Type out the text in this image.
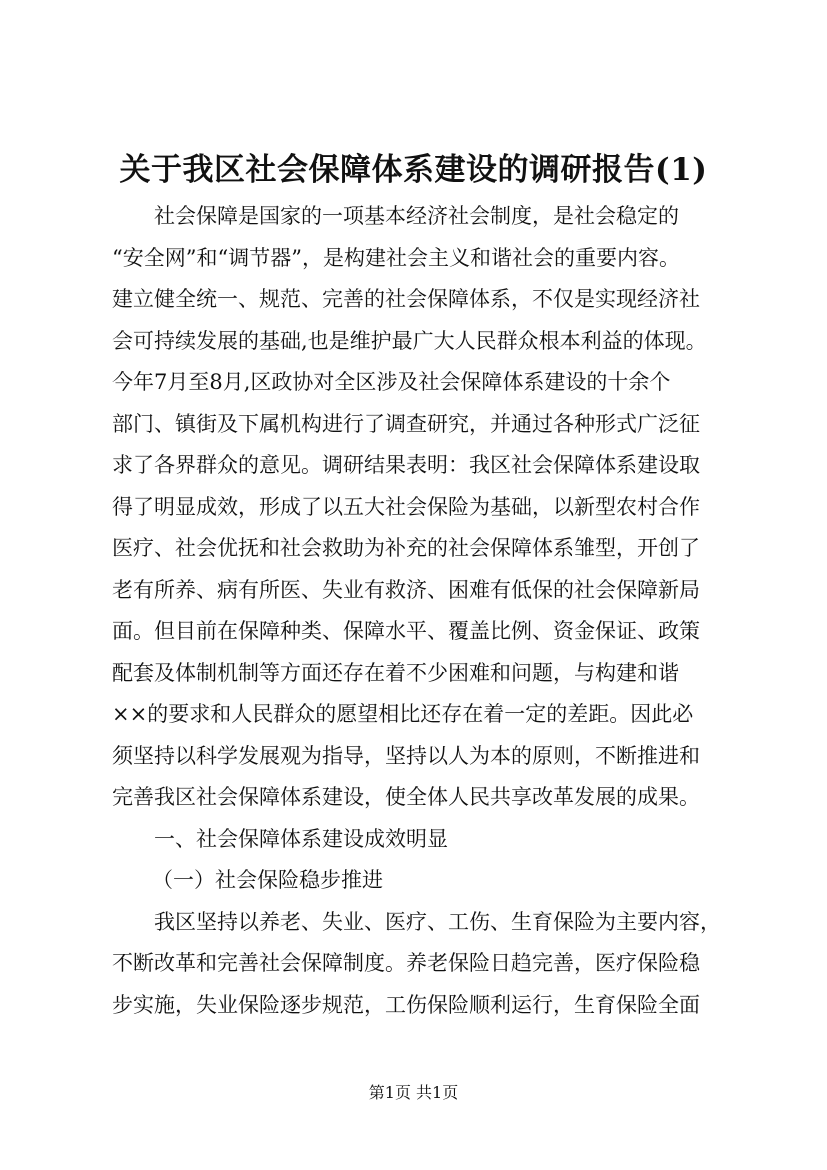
关于我区社会保障体系建设的调研报告(1)
社会保障是国家的一项基本经济社会制度，是社会稳定的
“安全网”和“调节器”，是构建社会主义和谐社会的重要内容。
建立健全统一、规范、完善的社会保障体系，不仅是实现经济社
会可持续发展的基础,也是维护最广大人民群众根本利益的体现。
今年7月至8月,区政协对全区涉及社会保障体系建设的十余个
部门、镇街及下属机构进行了调查研究，并通过各种形式广泛征
求了各界群众的意见。调研结果表明：我区社会保障体系建设取
得了明显成效，形成了以五大社会保险为基础，以新型农村合作
医疗、社会优抚和社会救助为补充的社会保障体系雏型，开创了
老有所养、病有所医、失业有救济、困难有低保的社会保障新局
面。但目前在保障种类、保障水平、覆盖比例、资金保证、政策
配套及体制机制等方面还存在着不少困难和问题，与构建和谐
××的要求和人民群众的愿望相比还存在着一定的差距。因此必
须坚持以科学发展观为指导，坚持以人为本的原则，不断推进和
完善我区社会保障体系建设，使全体人民共享改革发展的成果。
一、社会保障体系建设成效明显
（一）社会保险稳步推进
我区坚持以养老、失业、医疗、工伤、生育保险为主要内容，
不断改革和完善社会保障制度。养老保险日趋完善，医疗保险稳
步实施，失业保险逐步规范，工伤保险顺利运行，生育保险全面
第1页 共1页
